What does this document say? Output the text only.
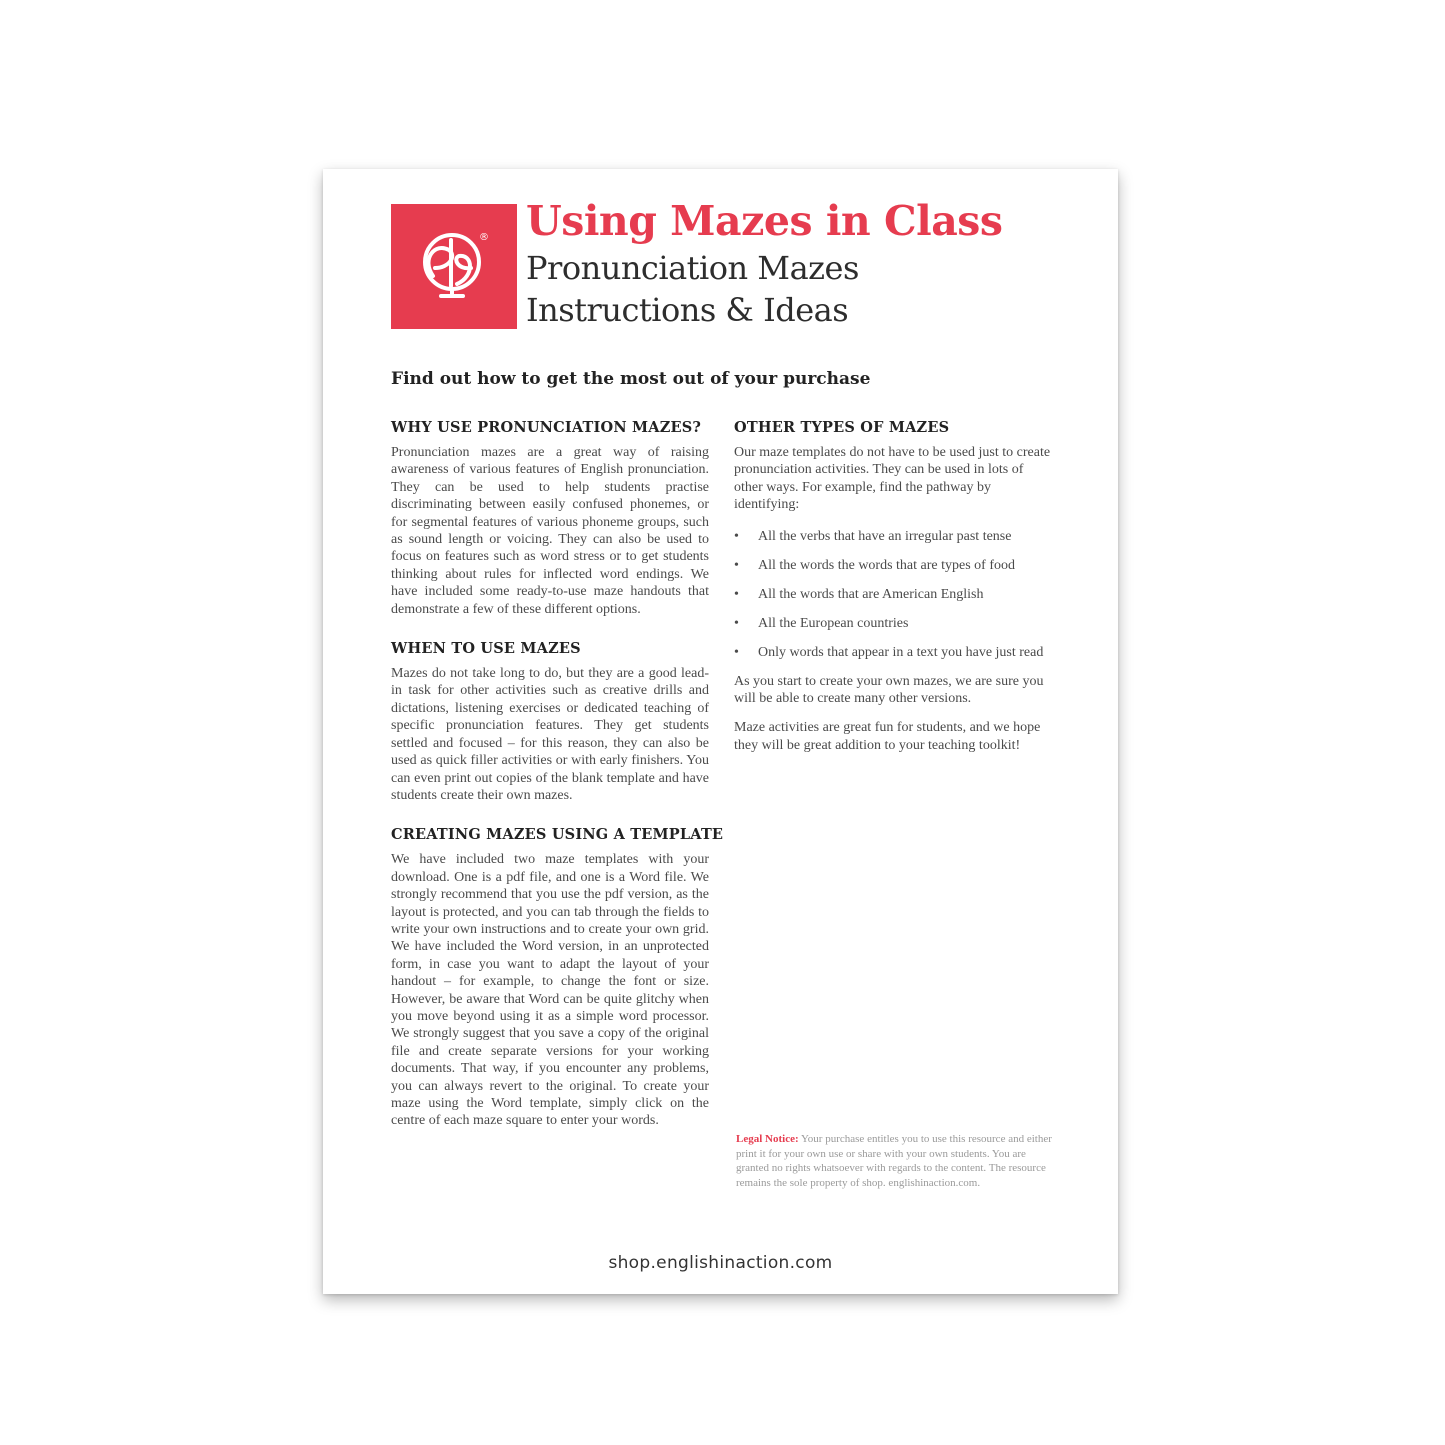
® Using Mazes in Class
Pronunciation Mazes
Instructions & Ideas
Find out how to get the most out of your purchase
WHY USE PRONUNCIATION MAZES?

Pronunciation mazes are a great way of raising awareness of various features of English pronunciation. They can be used to help students practise discriminating between easily confused phonemes, or for segmental features of various phoneme groups, such as sound length or voicing. They can also be used to focus on features such as word stress or to get students thinking about rules for inflected word endings. We have included some ready-to-use maze handouts that demonstrate a few of these different options.

WHEN TO USE MAZES

Mazes do not take long to do, but they are a good lead-in task for other activities such as creative drills and dictations, listening exercises or dedicated teaching of specific pronunciation features. They get students settled and focused – for this reason, they can also be used as quick filler activities or with early finishers. You can even print out copies of the blank template and have students create their own mazes.

CREATING MAZES USING A TEMPLATE

We have included two maze templates with your download. One is a pdf file, and one is a Word file. We strongly recommend that you use the pdf version, as the layout is protected, and you can tab through the fields to write your own instructions and to create your own grid. We have included the Word version, in an unprotected form, in case you want to adapt the layout of your handout – for example, to change the font or size. However, be aware that Word can be quite glitchy when you move beyond using it as a simple word processor. We strongly suggest that you save a copy of the original file and create separate versions for your working documents. That way, if you encounter any problems, you can always revert to the original. To create your maze using the Word template, simply click on the centre of each maze square to enter your words.

OTHER TYPES OF MAZES

Our maze templates do not have to be used just to create pronunciation activities. They can be used in lots of other ways. For example, find the pathway by identifying:

• All the verbs that have an irregular past tense
• All the words the words that are types of food
• All the words that are American English
• All the European countries
• Only words that appear in a text you have just read

As you start to create your own mazes, we are sure you will be able to create many other versions.

Maze activities are great fun for students, and we hope they will be great addition to your teaching toolkit!

Legal Notice: Your purchase entitles you to use this resource and either print it for your own use or share with your own students. You are granted no rights whatsoever with regards to the content. The resource remains the sole property of shop. englishinaction.com.
shop.englishinaction.com
